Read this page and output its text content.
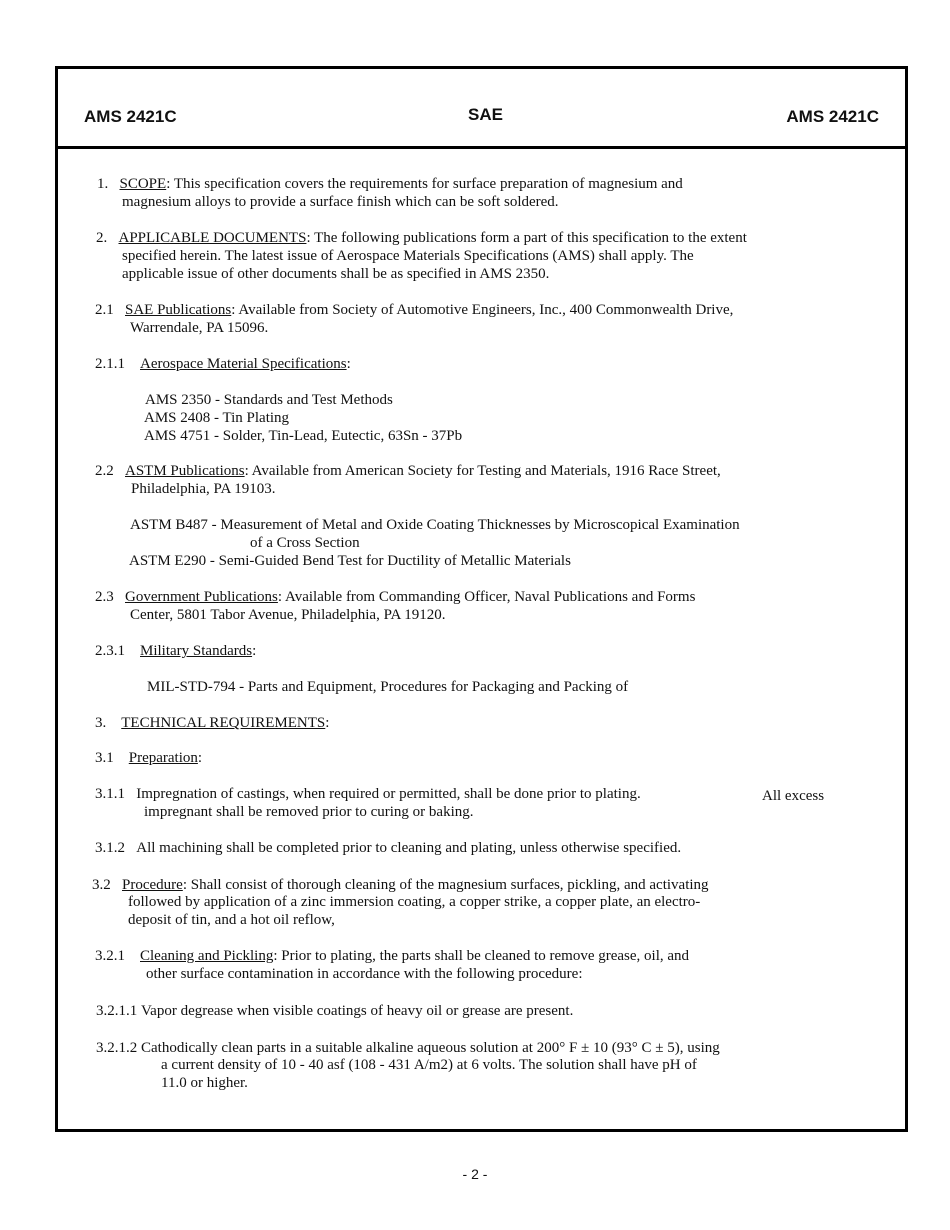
AMS 2421C	SAE	AMS 2421C
1. SCOPE: This specification covers the requirements for surface preparation of magnesium and
magnesium alloys to provide a surface finish which can be soft soldered.
2. APPLICABLE DOCUMENTS: The following publications form a part of this specification to the extent
specified herein. The latest issue of Aerospace Materials Specifications (AMS) shall apply. The
applicable issue of other documents shall be as specified in AMS 2350.
2.1 SAE Publications: Available from Society of Automotive Engineers, Inc., 400 Commonwealth Drive,
Warrendale, PA 15096.
2.1.1 Aerospace Material Specifications:
AMS 2350 - Standards and Test Methods
AMS 2408 - Tin Plating
AMS 4751 - Solder, Tin-Lead, Eutectic, 63Sn - 37Pb
2.2 ASTM Publications: Available from American Society for Testing and Materials, 1916 Race Street,
Philadelphia, PA 19103.
ASTM B487 - Measurement of Metal and Oxide Coating Thicknesses by Microscopical Examination
of a Cross Section
ASTM E290 - Semi-Guided Bend Test for Ductility of Metallic Materials
2.3 Government Publications: Available from Commanding Officer, Naval Publications and Forms
Center, 5801 Tabor Avenue, Philadelphia, PA 19120.
2.3.1 Military Standards:
MIL-STD-794 - Parts and Equipment, Procedures for Packaging and Packing of
3. TECHNICAL REQUIREMENTS:
3.1 Preparation:
3.1.1 Impregnation of castings, when required or permitted, shall be done prior to plating.	All excess
impregnant shall be removed prior to curing or baking.
3.1.2 All machining shall be completed prior to cleaning and plating, unless otherwise specified.
3.2 Procedure: Shall consist of thorough cleaning of the magnesium surfaces, pickling, and activating
followed by application of a zinc immersion coating, a copper strike, a copper plate, an electro-
deposit of tin, and a hot oil reflow,
3.2.1 Cleaning and Pickling: Prior to plating, the parts shall be cleaned to remove grease, oil, and
other surface contamination in accordance with the following procedure:
3.2.1.1 Vapor degrease when visible coatings of heavy oil or grease are present.
3.2.1.2 Cathodically clean parts in a suitable alkaline aqueous solution at 200° F ± 10 (93° C ± 5), using
a current density of 10 - 40 asf (108 - 431 A/m2) at 6 volts. The solution shall have pH of
11.0 or higher.
- 2 -
